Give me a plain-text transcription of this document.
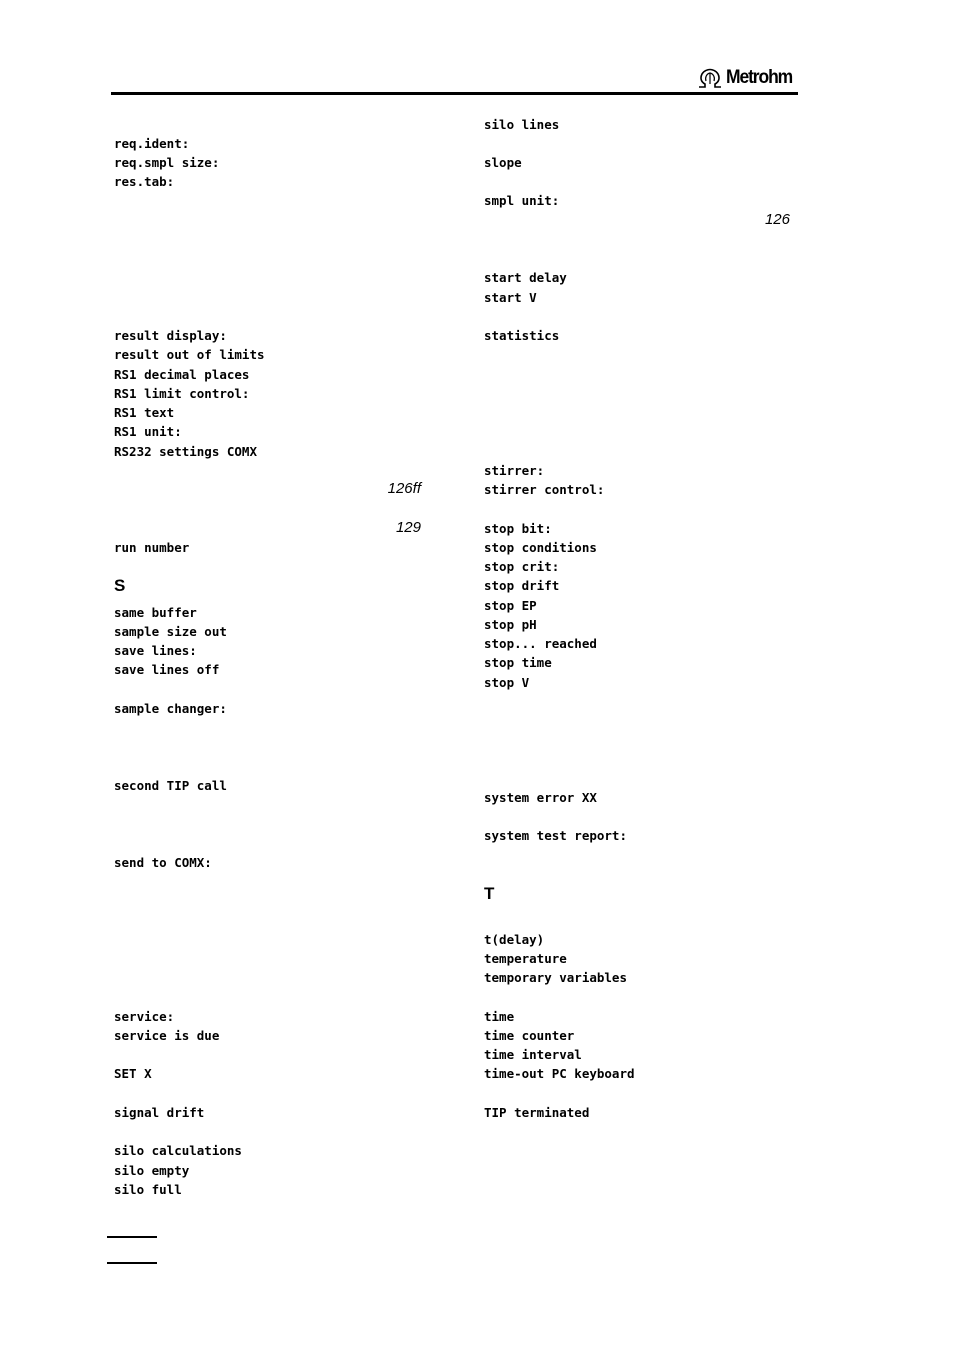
Metrohm
req.ident:
req.smpl size:
res.tab:
result display:
result out of limits
RS1 decimal places
RS1 limit control:
RS1 text
RS1 unit:
RS232 settings COMX
126ff
129
run number
S
same buffer
sample size out
save lines:
save lines off
sample changer:
second TIP call
send to COMX:
service:
service is due
SET X
signal drift
silo calculations
silo empty
silo full
silo lines
slope
smpl unit:
126
start delay
start V
statistics
stirrer:
stirrer control:
stop bit:
stop conditions
stop crit:
stop drift
stop EP
stop pH
stop... reached
stop time
stop V
system error XX
system test report:
T
t(delay)
temperature
temporary variables
time
time counter
time interval
time-out PC keyboard
TIP terminated
